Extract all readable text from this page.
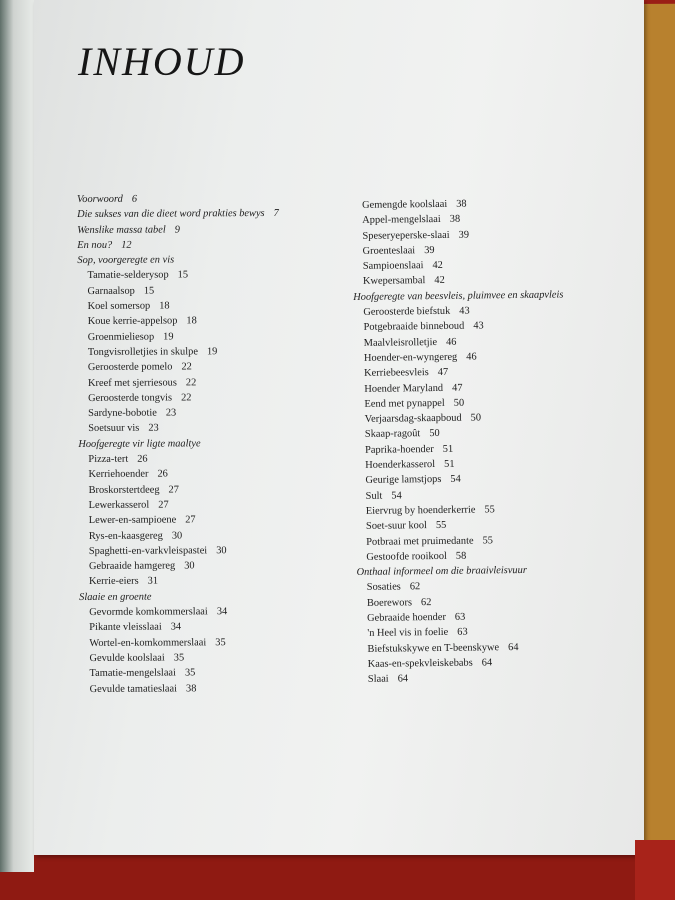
INHOUD
Voorwoord 6
Die sukses van die dieet word prakties bewys 7
Wenslike massa tabel 9
En nou? 12
Sop, voorgeregte en vis
Tamatie-selderysop 15
Garnaalsop 15
Koel somersop 18
Koue kerrie-appelsop 18
Groenmieliesop 19
Tongvisrolletjies in skulpe 19
Geroosterde pomelo 22
Kreef met sjerriesous 22
Geroosterde tongvis 22
Sardyne-bobotie 23
Soetsuur vis 23
Hoofgeregte vir ligte maaltye
Pizza-tert 26
Kerriehoender 26
Broskorstertdeeg 27
Lewerkasserol 27
Lewer-en-sampioene 27
Rys-en-kaasgereg 30
Spaghetti-en-varkvleispastei 30
Gebraaide hamgereg 30
Kerrie-eiers 31
Slaaie en groente
Gevormde komkommerslaai 34
Pikante vleisslaai 34
Wortel-en-komkommerslaai 35
Gevulde koolslaai 35
Tamatie-mengelslaai 35
Gevulde tamatieslaai 38
Gemengde koolslaai 38
Appel-mengelslaai 38
Speseryeperske-slaai 39
Groenteslaai 39
Sampioenslaai 42
Kwepersambal 42
Hoofgeregte van beesvleis, pluimvee en skaapvleis
Geroosterde biefstuk 43
Potgebraaide binneboud 43
Maalvleisrolletjie 46
Hoender-en-wyngereg 46
Kerriebeesvleis 47
Hoender Maryland 47
Eend met pynappel 50
Verjaarsdag-skaapboud 50
Skaap-ragoût 50
Paprika-hoender 51
Hoenderkasserol 51
Geurige lamstjops 54
Sult 54
Eiervrug by hoenderkerrie 55
Soet-suur kool 55
Potbraai met pruimedante 55
Gestoofde rooikool 58
Onthaal informeel om die braaivleisvuur
Sosaties 62
Boerewors 62
Gebraaide hoender 63
'n Heel vis in foelie 63
Biefstukskywe en T-beenskywe 64
Kaas-en-spekvleiskebabs 64
Slaai 64
